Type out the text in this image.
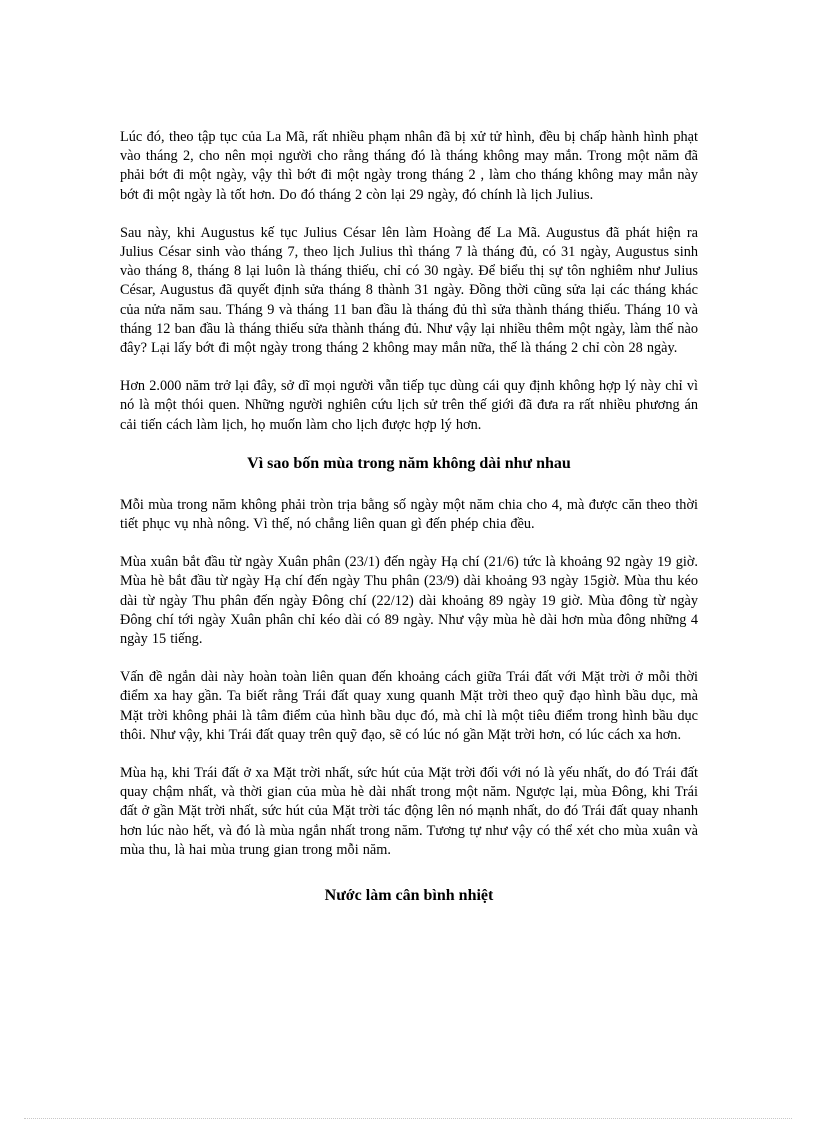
Lúc đó, theo tập tục của La Mã, rất nhiều phạm nhân đã bị xử tử hình, đều bị chấp hành hình phạt vào tháng 2, cho nên mọi người cho rằng tháng đó là tháng không may mắn. Trong một năm đã phải bớt đi một ngày, vậy thì bớt đi một ngày trong tháng 2 , làm cho tháng không may mắn này bớt đi một ngày là tốt hơn. Do đó tháng 2 còn lại 29 ngày, đó chính là lịch Julius.

Sau này, khi Augustus kế tục Julius César lên làm Hoàng đế La Mã. Augustus đã phát hiện ra Julius César sinh vào tháng 7, theo lịch Julius thì tháng 7 là tháng đủ, có 31 ngày, Augustus sinh vào tháng 8, tháng 8 lại luôn là tháng thiếu, chỉ có 30 ngày. Để biểu thị sự tôn nghiêm như Julius César, Augustus đã quyết định sửa tháng 8 thành 31 ngày. Đồng thời cũng sửa lại các tháng khác của nửa năm sau. Tháng 9 và tháng 11 ban đầu là tháng đủ thì sửa thành tháng thiếu. Tháng 10 và tháng 12 ban đầu là tháng thiếu sửa thành tháng đủ. Như vậy lại nhiều thêm một ngày, làm thế nào đây? Lại lấy bớt đi một ngày trong tháng 2 không may mắn nữa, thế là tháng 2 chỉ còn 28 ngày.

Hơn 2.000 năm trở lại đây, sở dĩ mọi người vẫn tiếp tục dùng cái quy định không hợp lý này chỉ vì nó là một thói quen. Những người nghiên cứu lịch sử trên thế giới đã đưa ra rất nhiều phương án cải tiến cách làm lịch, họ muốn làm cho lịch được hợp lý hơn.

Vì sao bốn mùa trong năm không dài như nhau

Mỗi mùa trong năm không phải tròn trịa bằng số ngày một năm chia cho 4, mà được căn theo thời tiết phục vụ nhà nông. Vì thế, nó chẳng liên quan gì đến phép chia đều.

Mùa xuân bắt đầu từ ngày Xuân phân (23/1) đến ngày Hạ chí (21/6) tức là khoảng 92 ngày 19 giờ. Mùa hè bắt đầu từ ngày Hạ chí đến ngày Thu phân (23/9) dài khoảng 93 ngày 15giờ. Mùa thu kéo dài từ ngày Thu phân đến ngày Đông chí (22/12) dài khoảng 89 ngày 19 giờ. Mùa đông từ ngày Đông chí tới ngày Xuân phân chỉ kéo dài có 89 ngày. Như vậy mùa hè dài hơn mùa đông những 4 ngày 15 tiếng.

Vấn đề ngắn dài này hoàn toàn liên quan đến khoảng cách giữa Trái đất với Mặt trời ở mỗi thời điểm xa hay gần. Ta biết rằng Trái đất quay xung quanh Mặt trời theo quỹ đạo hình bầu dục, mà Mặt trời không phải là tâm điểm của hình bầu dục đó, mà chỉ là một tiêu điểm trong hình bầu dục thôi. Như vậy, khi Trái đất quay trên quỹ đạo, sẽ có lúc nó gần Mặt trời hơn, có lúc cách xa hơn.

Mùa hạ, khi Trái đất ở xa Mặt trời nhất, sức hút của Mặt trời đối với nó là yếu nhất, do đó Trái đất quay chậm nhất, và thời gian của mùa hè dài nhất trong một năm. Ngược lại, mùa Đông, khi Trái đất ở gần Mặt trời nhất, sức hút của Mặt trời tác động lên nó mạnh nhất, do đó Trái đất quay nhanh hơn lúc nào hết, và đó là mùa ngắn nhất trong năm. Tương tự như vậy có thể xét cho mùa xuân và mùa thu, là hai mùa trung gian trong mỗi năm.

Nước làm cân bình nhiệt
